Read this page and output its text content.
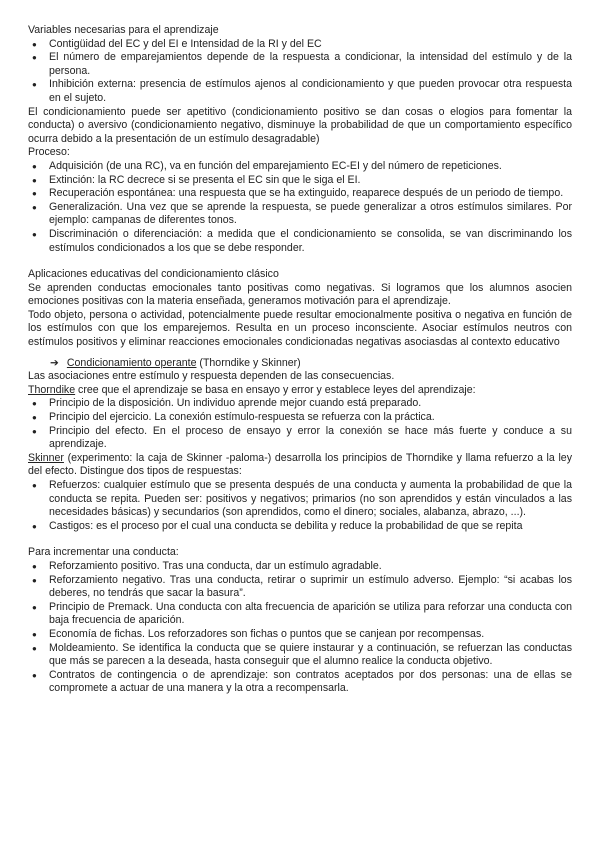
Variables necesarias para el aprendizaje

● Contigüidad del EC y del EI e Intensidad de la RI y del EC
● El número de emparejamientos depende de la respuesta a condicionar, la intensidad del estímulo y de la persona.
● Inhibición externa: presencia de estímulos ajenos al condicionamiento y que pueden provocar otra respuesta en el sujeto.

El condicionamiento puede ser apetitivo (condicionamiento positivo se dan cosas o elogios para fomentar la conducta) o aversivo (condicionamiento negativo, disminuye la probabilidad de que un comportamiento específico ocurra debido a la presentación de un estímulo desagradable)

Proceso:

● Adquisición (de una RC), va en función del emparejamiento EC-EI y del número de repeticiones.
● Extinción: la RC decrece si se presenta el EC sin que le siga el EI.
● Recuperación espontánea: una respuesta que se ha extinguido, reaparece después de un periodo de tiempo.
● Generalización. Una vez que se aprende la respuesta, se puede generalizar a otros estímulos similares. Por ejemplo: campanas de diferentes tonos.
● Discriminación o diferenciación: a medida que el condicionamiento se consolida, se van discriminando los estímulos condicionados a los que se debe responder.

Aplicaciones educativas del condicionamiento clásico

Se aprenden conductas emocionales tanto positivas como negativas. Si logramos que los alumnos asocien emociones positivas con la materia enseñada, generamos motivación para el aprendizaje.

Todo objeto, persona o actividad, potencialmente puede resultar emocionalmente positiva o negativa en función de los estímulos con que los emparejemos. Resulta en un proceso inconsciente. Asociar estímulos neutros con estímulos positivos y eliminar reacciones emocionales condicionadas negativas asociasdas al contexto educativo

➔ Condicionamiento operante (Thorndike y Skinner)

Las asociaciones entre estímulo y respuesta dependen de las consecuencias.

Thorndike cree que el aprendizaje se basa en ensayo y error y establece leyes del aprendizaje:

● Principio de la disposición. Un individuo aprende mejor cuando está preparado.
● Principio del ejercicio. La conexión estímulo-respuesta se refuerza con la práctica.
● Principio del efecto. En el proceso de ensayo y error la conexión se hace más fuerte y conduce a su aprendizaje.

Skinner (experimento: la caja de Skinner -paloma-) desarrolla los principios de Thorndike y llama refuerzo a la ley del efecto. Distingue dos tipos de respuestas:

● Refuerzos: cualquier estímulo que se presenta después de una conducta y aumenta la probabilidad de que la conducta se repita. Pueden ser: positivos y negativos; primarios (no son aprendidos y están vinculados a las necesidades básicas) y secundarios (son aprendidos, como el dinero; sociales, alabanza, abrazo, ...).
● Castigos: es el proceso por el cual una conducta se debilita y reduce la probabilidad de que se repita

Para incrementar una conducta:

● Reforzamiento positivo. Tras una conducta, dar un estímulo agradable.
● Reforzamiento negativo. Tras una conducta, retirar o suprimir un estímulo adverso. Ejemplo: “si acabas los deberes, no tendrás que sacar la basura”.
● Principio de Premack. Una conducta con alta frecuencia de aparición se utiliza para reforzar una conducta con baja frecuencia de aparición.
● Economía de fichas. Los reforzadores son fichas o puntos que se canjean por recompensas.
● Moldeamiento. Se identifica la conducta que se quiere instaurar y a continuación, se refuerzan las conductas que más se parecen a la deseada, hasta conseguir que el alumno realice la conducta objetivo.
● Contratos de contingencia o de aprendizaje: son contratos aceptados por dos personas: una de ellas se compromete a actuar de una manera y la otra a recompensarla.
